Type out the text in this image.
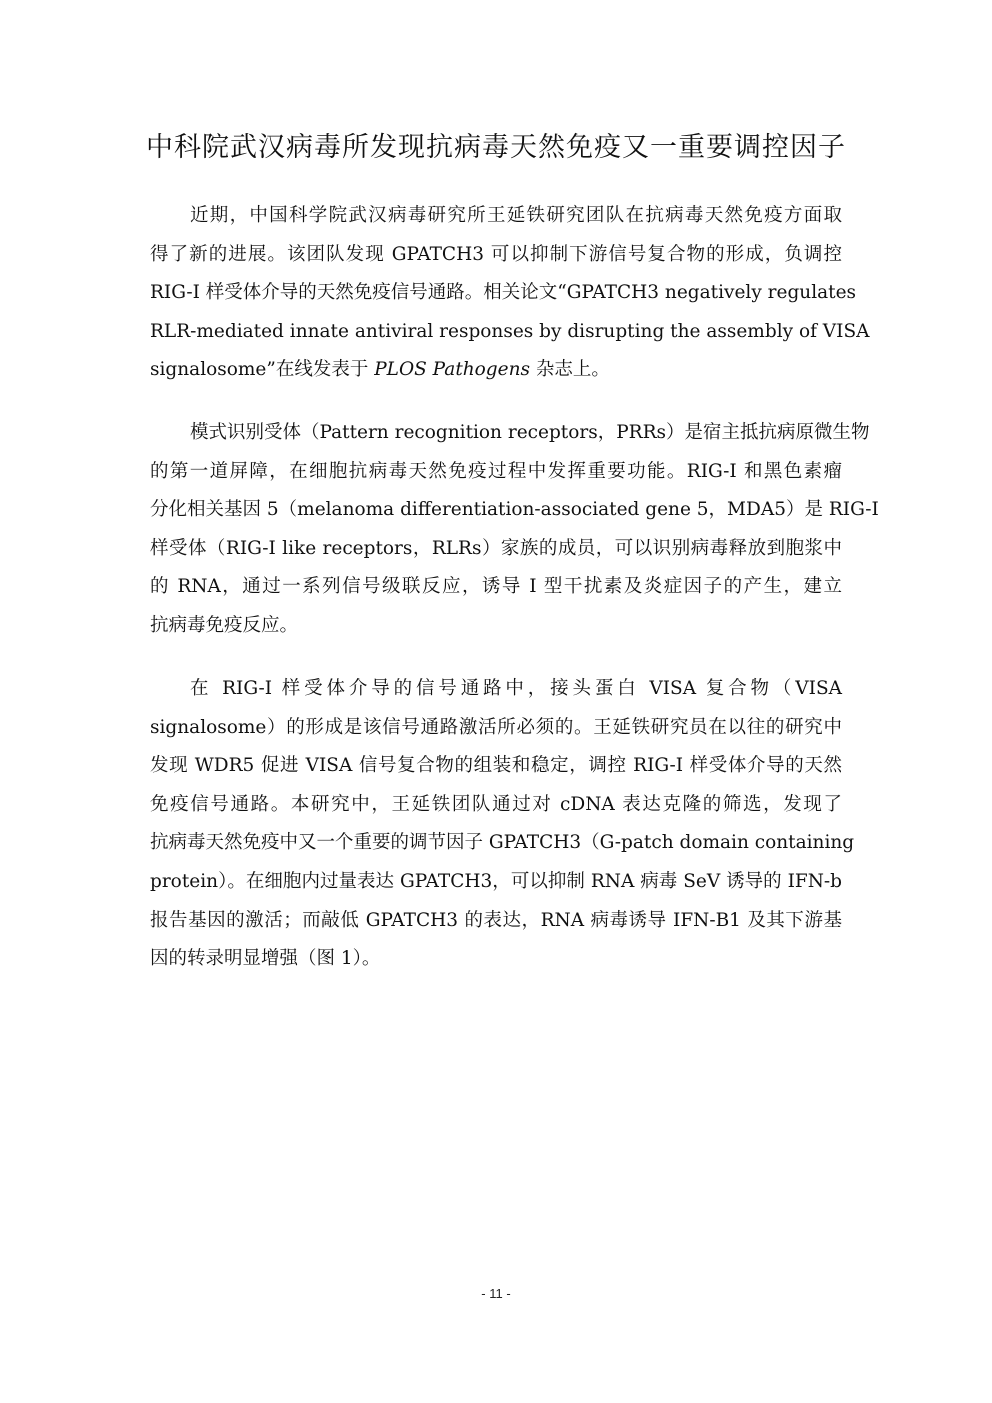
中科院武汉病毒所发现抗病毒天然免疫又一重要调控因子

近期，中国科学院武汉病毒研究所王延铁研究团队在抗病毒天然免疫方面取
得了新的进展。该团队发现 GPATCH3 可以抑制下游信号复合物的形成，负调控
RIG-I 样受体介导的天然免疫信号通路。相关论文“GPATCH3 negatively regulates
RLR-mediated innate antiviral responses by disrupting the assembly of VISA
signalosome”在线发表于 PLOS Pathogens 杂志上。

模式识别受体（Pattern recognition receptors，PRRs）是宿主抵抗病原微生物
的第一道屏障，在细胞抗病毒天然免疫过程中发挥重要功能。RIG-I 和黑色素瘤
分化相关基因 5（melanoma differentiation-associated gene 5，MDA5）是 RIG-I
样受体（RIG-I like receptors，RLRs）家族的成员，可以识别病毒释放到胞浆中
的 RNA，通过一系列信号级联反应，诱导 I 型干扰素及炎症因子的产生，建立
抗病毒免疫反应。

在 RIG-I 样受体介导的信号通路中，接头蛋白 VISA 复合物（VISA
signalosome）的形成是该信号通路激活所必须的。王延铁研究员在以往的研究中
发现 WDR5 促进 VISA 信号复合物的组装和稳定，调控 RIG-I 样受体介导的天然
免疫信号通路。本研究中，王延铁团队通过对 cDNA 表达克隆的筛选，发现了
抗病毒天然免疫中又一个重要的调节因子 GPATCH3（G-patch domain containing
protein）。在细胞内过量表达 GPATCH3，可以抑制 RNA 病毒 SeV 诱导的 IFN-b
报告基因的激活；而敲低 GPATCH3 的表达，RNA 病毒诱导 IFN-B1 及其下游基
因的转录明显增强（图 1）。

- 11 -
